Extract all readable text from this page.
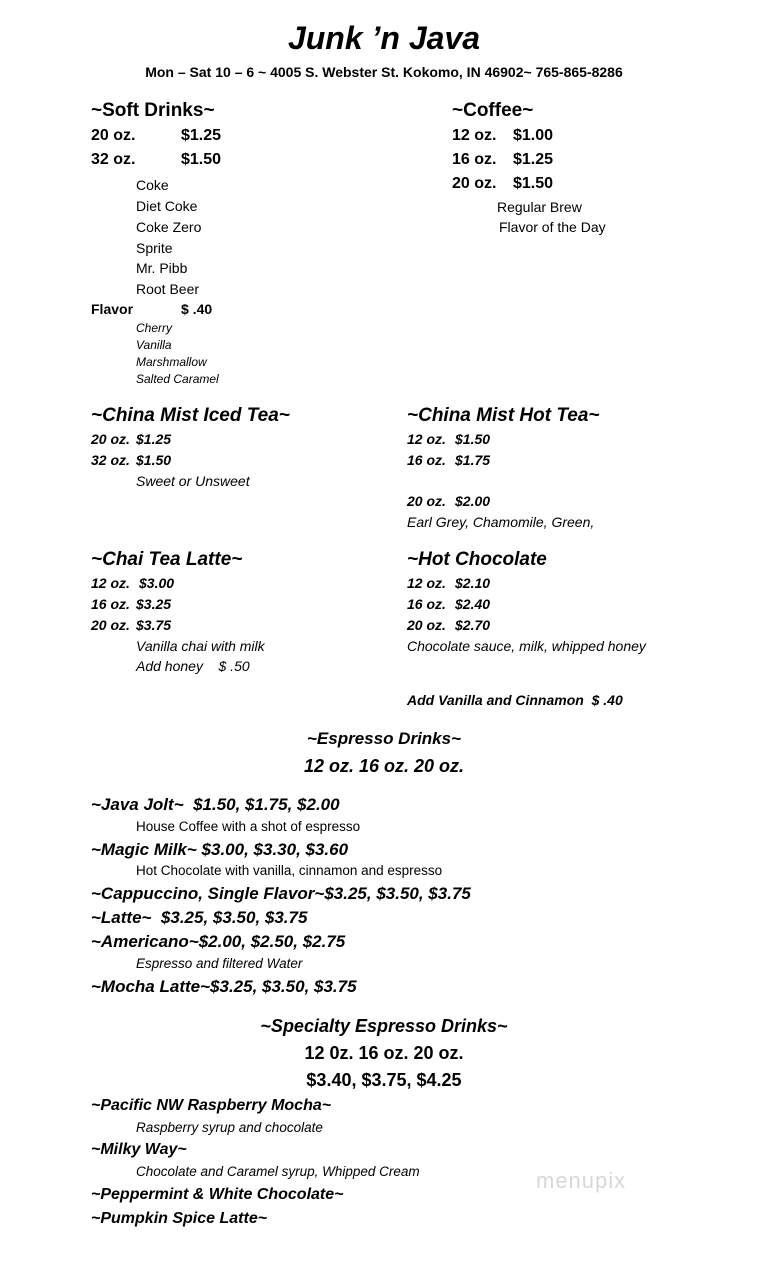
Junk ’n Java
Mon – Sat 10 – 6 ~ 4005 S. Webster St. Kokomo, IN 46902~ 765-865-8286
~Soft Drinks~
20 oz.	$1.25
32 oz.	$1.50
Coke
Diet Coke
Coke Zero
Sprite
Mr. Pibb
Root Beer
Flavor	$ .40
Cherry
Vanilla
Marshmallow
Salted Caramel
~Coffee~
12 oz. $1.00
16 oz. $1.25
20 oz. $1.50
Regular Brew
Flavor of the Day
~China Mist Iced Tea~
20 oz. $1.25
32 oz. $1.50
Sweet or Unsweet
~China Mist Hot Tea~
12 oz. $1.50
16 oz. $1.75
20 oz. $2.00
Earl Grey, Chamomile, Green,
~Chai Tea Latte~
12 oz. $3.00
16 oz. $3.25
20 oz. $3.75
Vanilla chai with milk
Add honey    $ .50
~Hot Chocolate
12 oz. $2.10
16 oz. $2.40
20 oz. $2.70
Chocolate sauce, milk, whipped honey
Add Vanilla and Cinnamon  $ .40
~Espresso Drinks~
12 oz. 16 oz. 20 oz.
~Java Jolt~  $1.50, $1.75, $2.00
House Coffee with a shot of espresso
~Magic Milk~ $3.00, $3.30, $3.60
Hot Chocolate with vanilla, cinnamon and espresso
~Cappuccino, Single Flavor~$3.25, $3.50, $3.75
~Latte~  $3.25, $3.50, $3.75
~Americano~$2.00, $2.50, $2.75
Espresso and filtered Water
~Mocha Latte~$3.25, $3.50, $3.75
~Specialty Espresso Drinks~
12 0z. 16 oz. 20 oz.
$3.40, $3.75, $4.25
~Pacific NW Raspberry Mocha~
Raspberry syrup and chocolate
~Milky Way~
Chocolate and Caramel syrup, Whipped Cream
~Peppermint & White Chocolate~
~Pumpkin Spice Latte~
menupix
